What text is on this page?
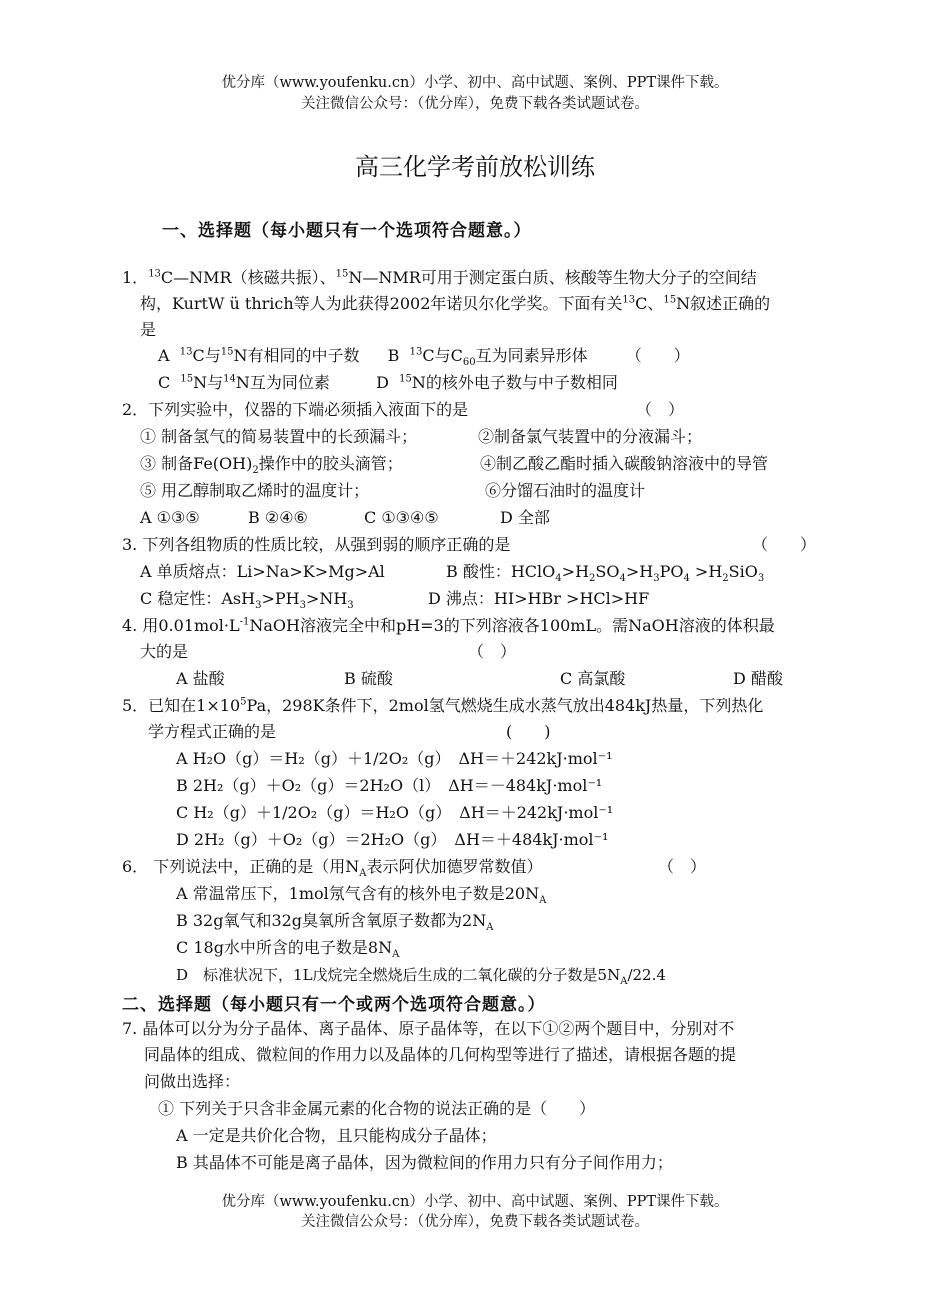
优分库（www.youfenku.cn）小学、初中、高中试题、案例、PPT课件下载。
关注微信公众号：（优分库），免费下载各类试题试卷。
高三化学考前放松训练
一、选择题（每小题只有一个选项符合题意。）
1．$^{13}$C—NMR（核磁共振）、$^{15}$N—NMR可用于测定蛋白质、核酸等生物大分子的空间结
构，KurtW ü thrich等人为此获得2002年诺贝尔化学奖。下面有关$^{13}$C、$^{15}$N叙述正确的
是
A $^{13}$C与$^{15}$N有相同的中子数 B $^{13}$C与$C_{60}$互为同素异形体 （　　）
C $^{15}$N与$^{14}$N互为同位素	D $^{15}$N的核外电子数与中子数相同
2．下列实验中，仪器的下端必须插入液面下的是	（　）
① 制备氢气的简易装置中的长颈漏斗；	②制备氯气装置中的分液漏斗；
③ 制备$Fe(OH)_2$操作中的胶头滴管；	④制乙酸乙酯时插入碳酸钠溶液中的导管
⑤ 用乙醇制取乙烯时的温度计；	⑥分馏石油时的温度计
A ①③⑤	B ②④⑥	C ①③④⑤	D 全部
3. 下列各组物质的性质比较，从强到弱的顺序正确的是	（　　）
A 单质熔点：Li>Na>K>Mg>Al	B 酸性：$HClO_4>H_2SO_4>H_3PO_4 >H_2SiO_3$
C 稳定性：$AsH_3>PH_3>NH_3$	D 沸点：HI>HBr >HCl>HF
4. 用$0.01mol\cdot L^{-1}NaOH$溶液完全中和pH=3的下列溶液各100mL。需NaOH溶液的体积最
大的是	（　）
A 盐酸	B 硫酸	C 高氯酸	D 醋酸
5．已知在$1\times 10^5Pa$，298K条件下，2mol氢气燃烧生成水蒸气放出484kJ热量，下列热化
学方程式正确的是	(　　)
A H₂O（g）＝H₂（g）＋1/2O₂（g）　ΔH＝＋242kJ·mol⁻¹
B 2H₂（g）＋O₂（g）＝2H₂O（l）　ΔH＝－484kJ·mol⁻¹
C H₂（g）＋1/2O₂（g）＝H₂O（g）　ΔH＝＋242kJ·mol⁻¹
D 2H₂（g）＋O₂（g）＝2H₂O（g）　ΔH＝＋484kJ·mol⁻¹
6． 下列说法中，正确的是（用$N_A$表示阿伏加德罗常数值）	（　）
A 常温常压下，1mol氖气含有的核外电子数是$20N_A$
B 32g氧气和32g臭氧所含氧原子数都为$2N_A$
C 18g水中所含的电子数是$8N_A$
D　标准状况下，1L戊烷完全燃烧后生成的二氧化碳的分子数是$5N_A/22.4$
二、选择题（每小题只有一个或两个选项符合题意。）
7. 晶体可以分为分子晶体、离子晶体、原子晶体等，在以下①②两个题目中，分别对不
同晶体的组成、微粒间的作用力以及晶体的几何构型等进行了描述，请根据各题的提
问做出选择：
① 下列关于只含非金属元素的化合物的说法正确的是（　　）
A 一定是共价化合物，且只能构成分子晶体；
B 其晶体不可能是离子晶体，因为微粒间的作用力只有分子间作用力；
优分库（www.youfenku.cn）小学、初中、高中试题、案例、PPT课件下载。
关注微信公众号：（优分库），免费下载各类试题试卷。
